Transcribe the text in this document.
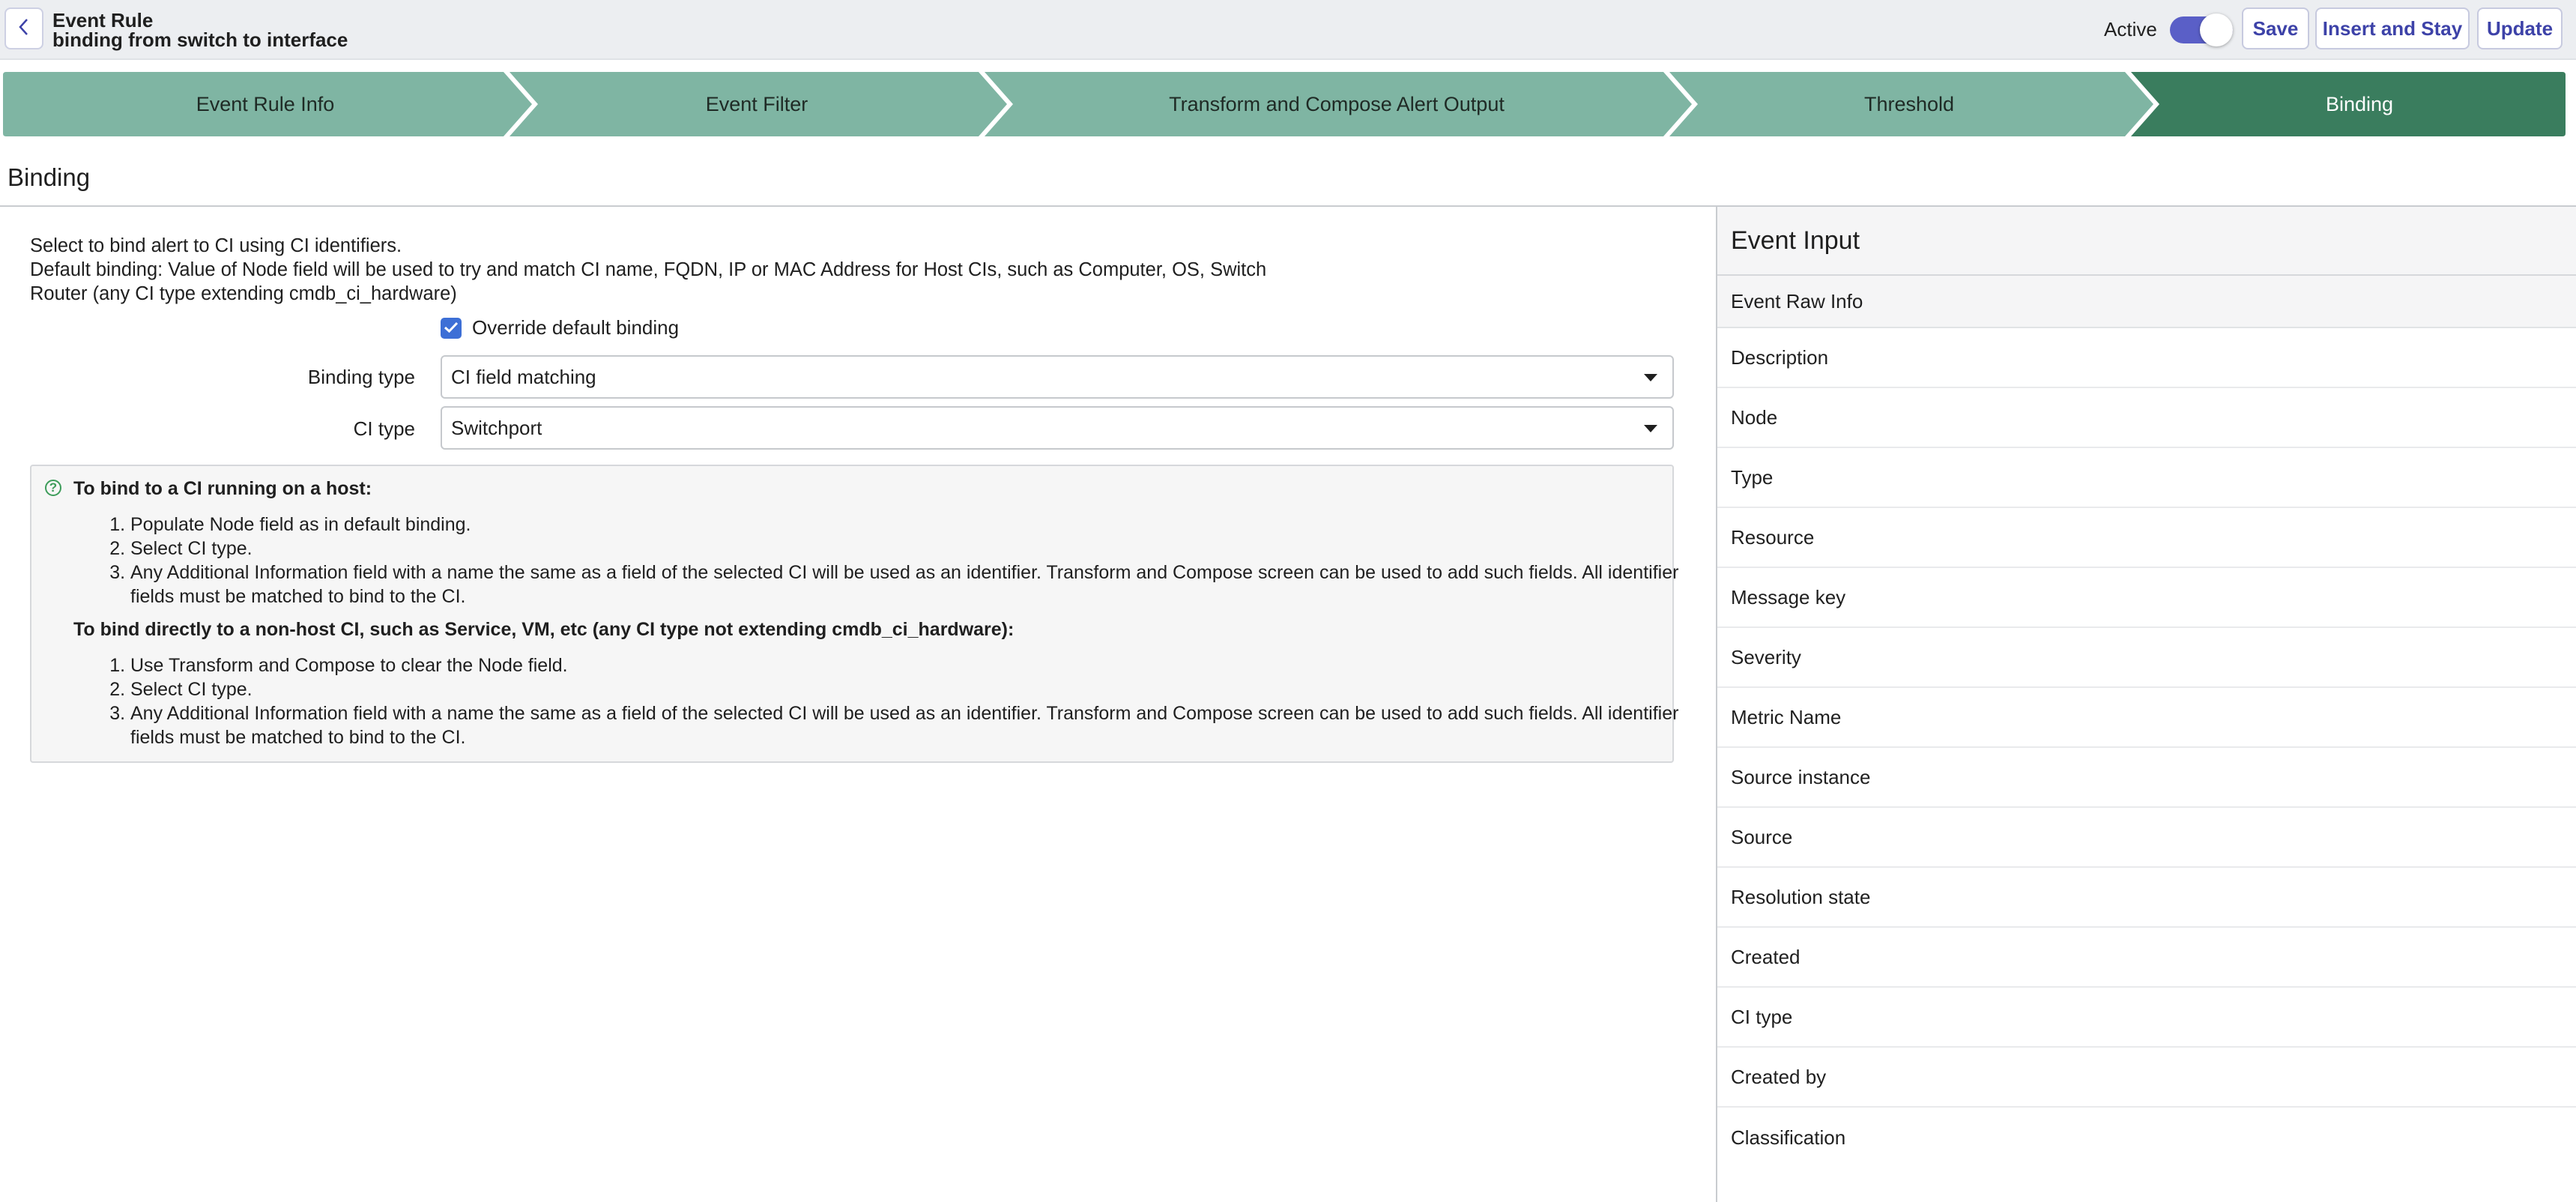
Event Rule
binding from switch to interface	Active	Save	Insert and Stay	Update
Event Rule Info	Event Filter	Transform and Compose Alert Output	Threshold	Binding
Binding
Select to bind alert to CI using CI identifiers.
Default binding: Value of Node field will be used to try and match CI name, FQDN, IP or MAC Address for Host CIs, such as Computer, OS, Switch
Router (any CI type extending cmdb_ci_hardware)
Override default binding
Binding type CI field matching
CI type Switchport
? To bind to a CI running on a host:
1. Populate Node field as in default binding.
2. Select CI type.
3. Any Additional Information field with a name the same as a field of the selected CI will be used as an identifier. Transform and Compose screen can be used to add such fields. All identifier fields must be matched to bind to the CI.
To bind directly to a non-host CI, such as Service, VM, etc (any CI type not extending cmdb_ci_hardware):
1. Use Transform and Compose to clear the Node field.
2. Select CI type.
3. Any Additional Information field with a name the same as a field of the selected CI will be used as an identifier. Transform and Compose screen can be used to add such fields. All identifier fields must be matched to bind to the CI.
Event Input
Event Raw Info
Description
Node
Type
Resource
Message key
Severity
Metric Name
Source instance
Source
Resolution state
Created
CI type
Created by
Classification
